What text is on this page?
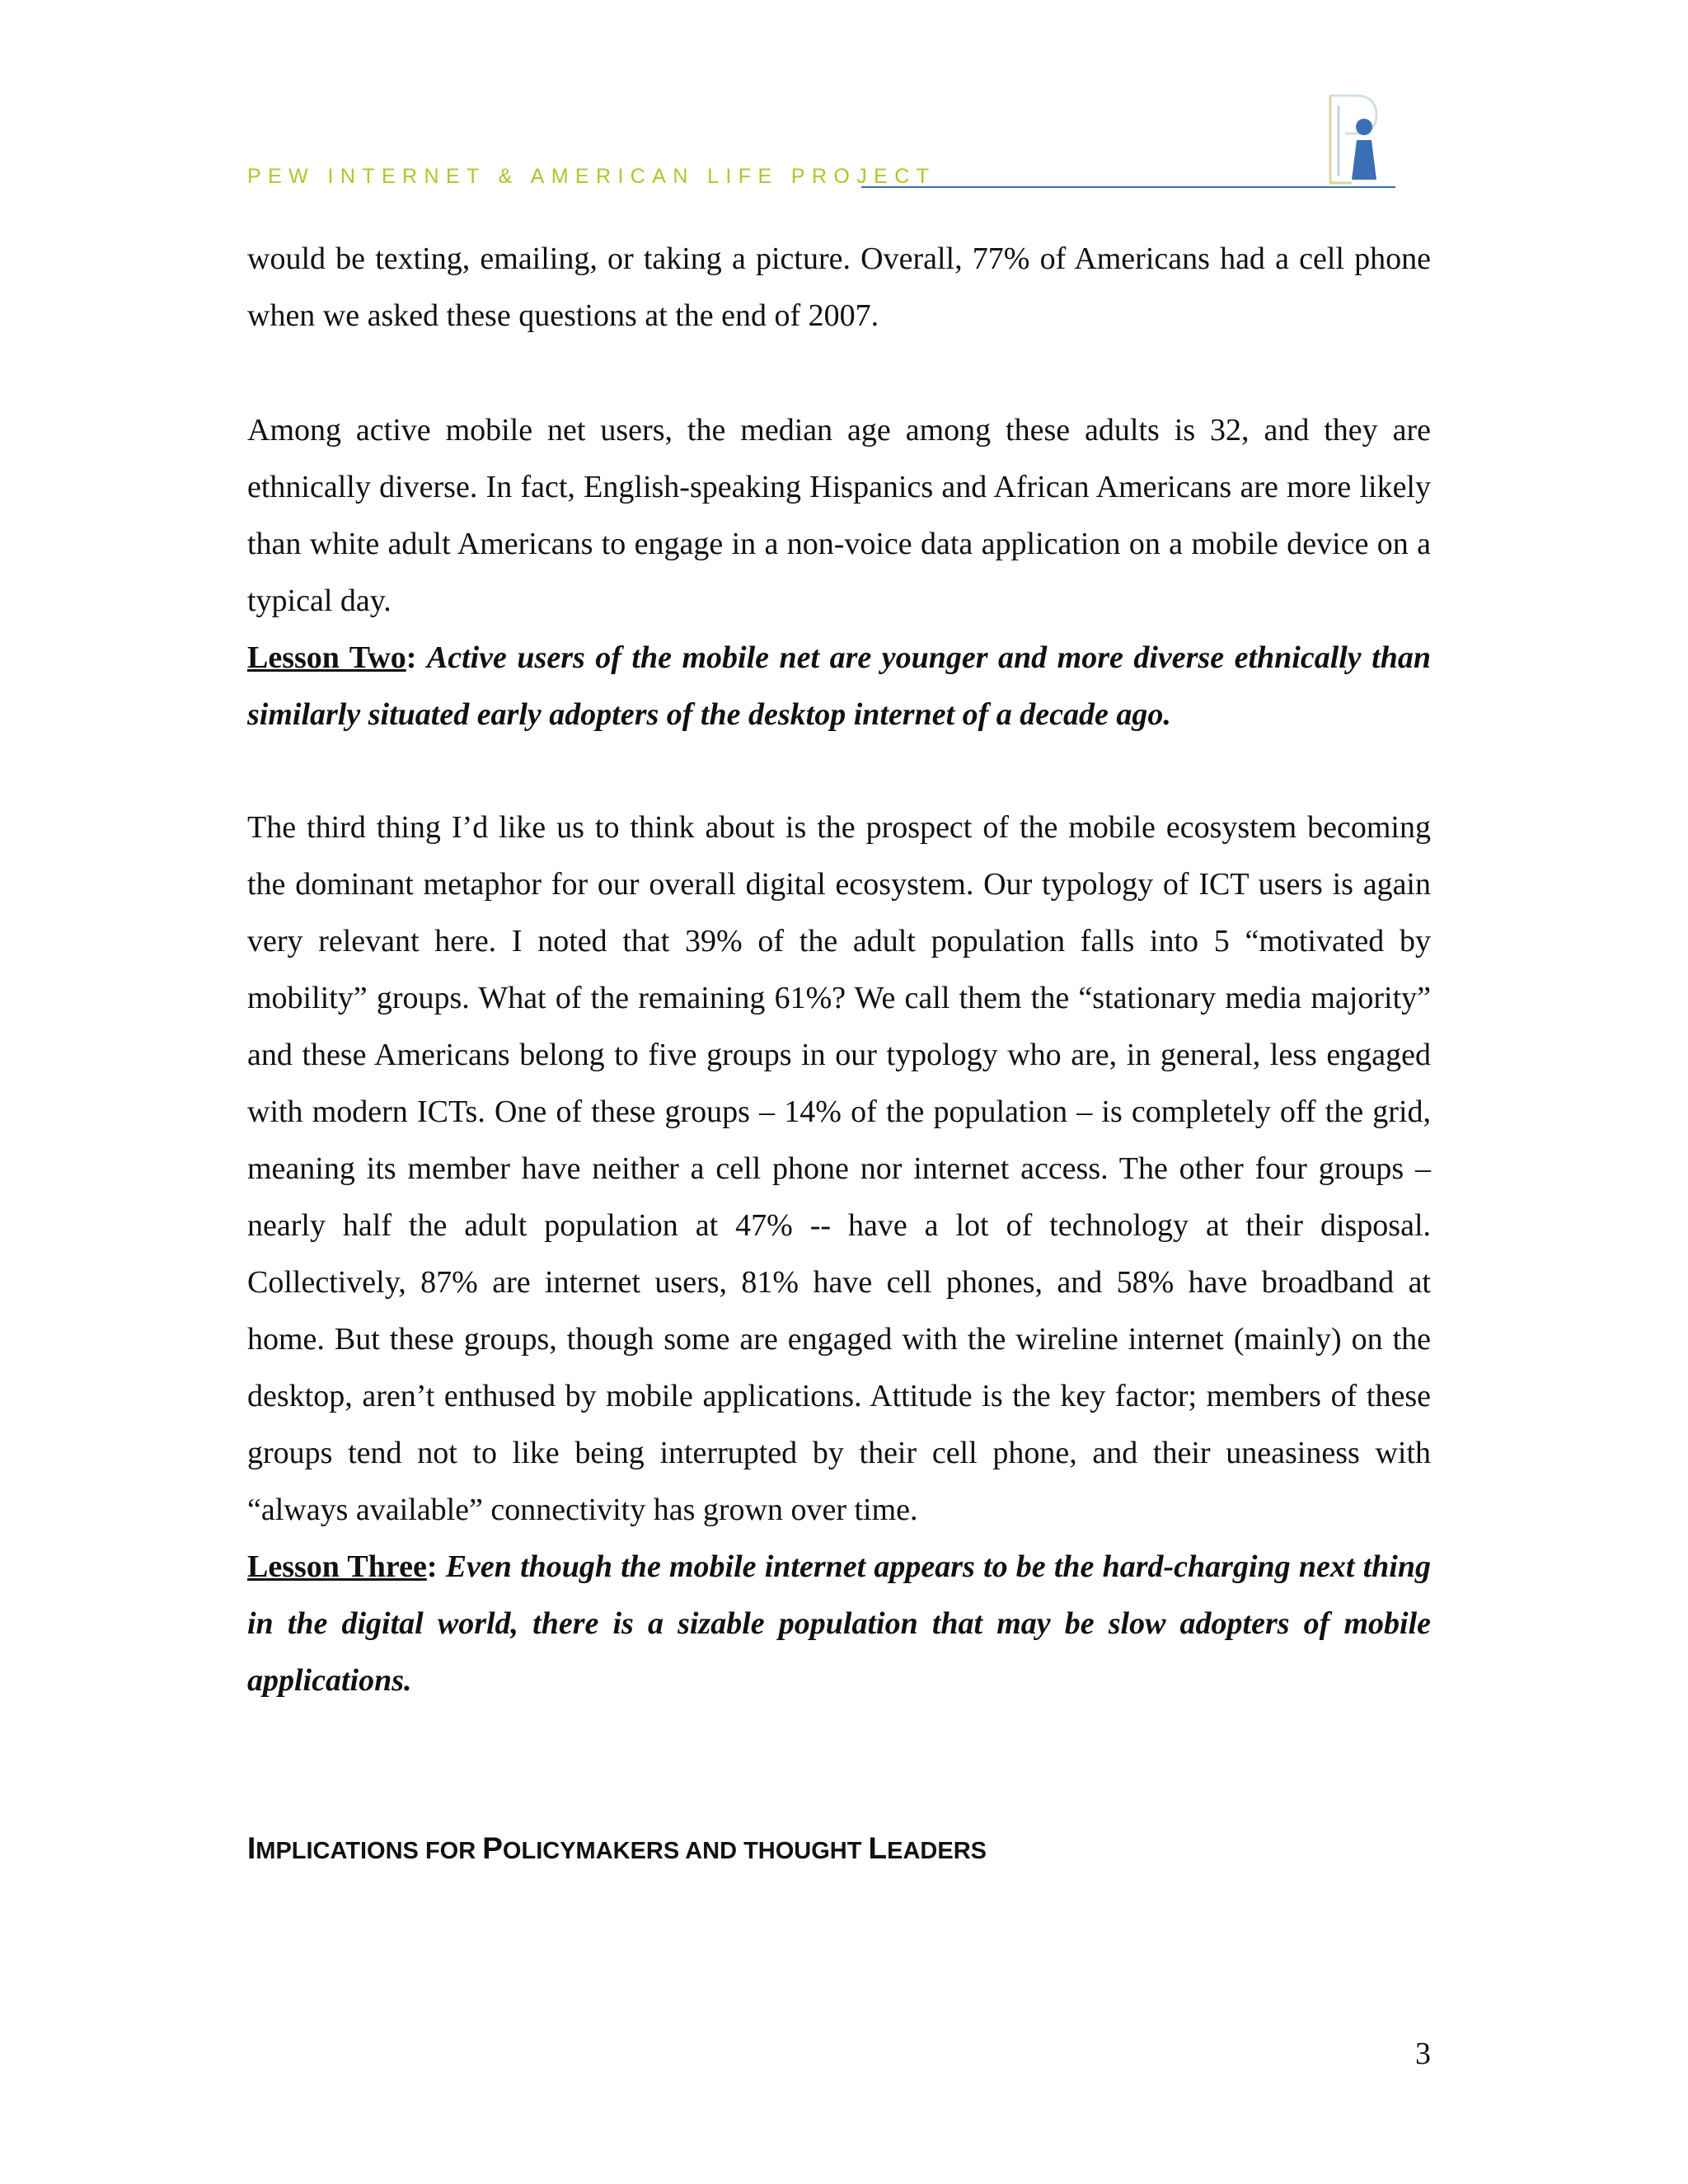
PEW INTERNET & AMERICAN LIFE PROJECT
would be texting, emailing, or taking a picture. Overall, 77% of Americans had a cell phone when we asked these questions at the end of 2007.
Among active mobile net users, the median age among these adults is 32, and they are ethnically diverse. In fact, English-speaking Hispanics and African Americans are more likely than white adult Americans to engage in a non-voice data application on a mobile device on a typical day.
Lesson Two: Active users of the mobile net are younger and more diverse ethnically than similarly situated early adopters of the desktop internet of a decade ago.
The third thing I’d like us to think about is the prospect of the mobile ecosystem becoming the dominant metaphor for our overall digital ecosystem. Our typology of ICT users is again very relevant here. I noted that 39% of the adult population falls into 5 “motivated by mobility” groups. What of the remaining 61%? We call them the “stationary media majority” and these Americans belong to five groups in our typology who are, in general, less engaged with modern ICTs. One of these groups – 14% of the population – is completely off the grid, meaning its member have neither a cell phone nor internet access. The other four groups – nearly half the adult population at 47% -- have a lot of technology at their disposal. Collectively, 87% are internet users, 81% have cell phones, and 58% have broadband at home. But these groups, though some are engaged with the wireline internet (mainly) on the desktop, aren’t enthused by mobile applications. Attitude is the key factor; members of these groups tend not to like being interrupted by their cell phone, and their uneasiness with “always available” connectivity has grown over time.
Lesson Three: Even though the mobile internet appears to be the hard-charging next thing in the digital world, there is a sizable population that may be slow adopters of mobile applications.
IMPLICATIONS FOR POLICYMAKERS AND THOUGHT LEADERS
3
